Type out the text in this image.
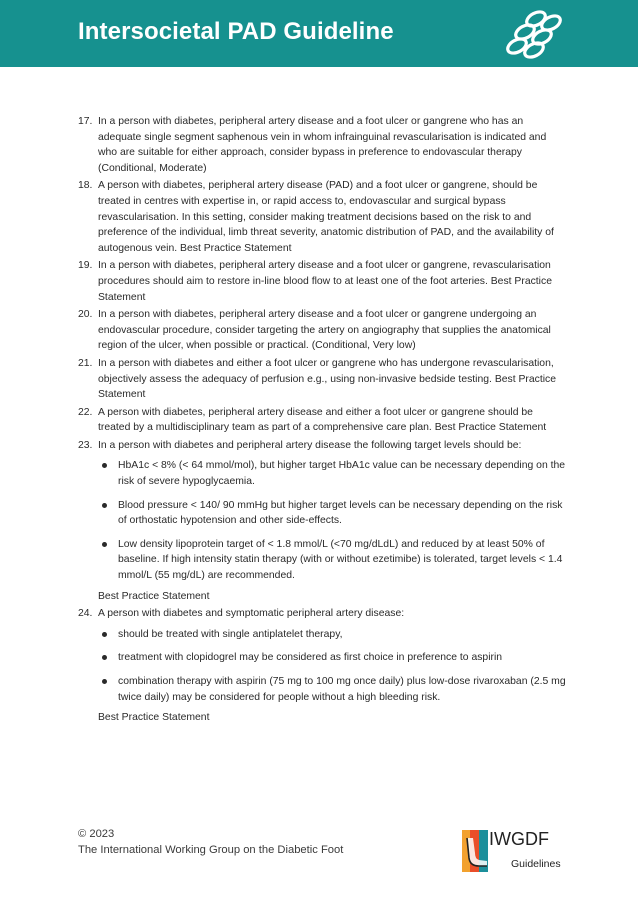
Intersocietal PAD Guideline
17. In a person with diabetes, peripheral artery disease and a foot ulcer or gangrene who has an adequate single segment saphenous vein in whom infrainguinal revascularisation is indicated and who are suitable for either approach, consider bypass in preference to endovascular therapy (Conditional, Moderate)
18. A person with diabetes, peripheral artery disease (PAD) and a foot ulcer or gangrene, should be treated in centres with expertise in, or rapid access to, endovascular and surgical bypass revascularisation. In this setting, consider making treatment decisions based on the risk to and preference of the individual, limb threat severity, anatomic distribution of PAD, and the availability of autogenous vein. Best Practice Statement
19. In a person with diabetes, peripheral artery disease and a foot ulcer or gangrene, revascularisation procedures should aim to restore in-line blood flow to at least one of the foot arteries. Best Practice Statement
20. In a person with diabetes, peripheral artery disease and a foot ulcer or gangrene undergoing an endovascular procedure, consider targeting the artery on angiography that supplies the anatomical region of the ulcer, when possible or practical. (Conditional, Very low)
21. In a person with diabetes and either a foot ulcer or gangrene who has undergone revascularisation, objectively assess the adequacy of perfusion e.g., using non-invasive bedside testing. Best Practice Statement
22. A person with diabetes, peripheral artery disease and either a foot ulcer or gangrene should be treated by a multidisciplinary team as part of a comprehensive care plan. Best Practice Statement
23. In a person with diabetes and peripheral artery disease the following target levels should be:
HbA1c < 8% (< 64 mmol/mol), but higher target HbA1c value can be necessary depending on the risk of severe hypoglycaemia.
Blood pressure < 140/ 90 mmHg but higher target levels can be necessary depending on the risk of orthostatic hypotension and other side-effects.
Low density lipoprotein target of < 1.8 mmol/L (<70 mg/dLdL) and reduced by at least 50% of baseline. If high intensity statin therapy (with or without ezetimibe) is tolerated, target levels < 1.4 mmol/L (55 mg/dL) are recommended.
Best Practice Statement
24. A person with diabetes and symptomatic peripheral artery disease:
should be treated with single antiplatelet therapy,
treatment with clopidogrel may be considered as first choice in preference to aspirin
combination therapy with aspirin (75 mg to 100 mg once daily) plus low-dose rivaroxaban (2.5 mg twice daily) may be considered for people without a high bleeding risk.
Best Practice Statement
© 2023
The International Working Group on the Diabetic Foot
IWGDF
Guidelines
